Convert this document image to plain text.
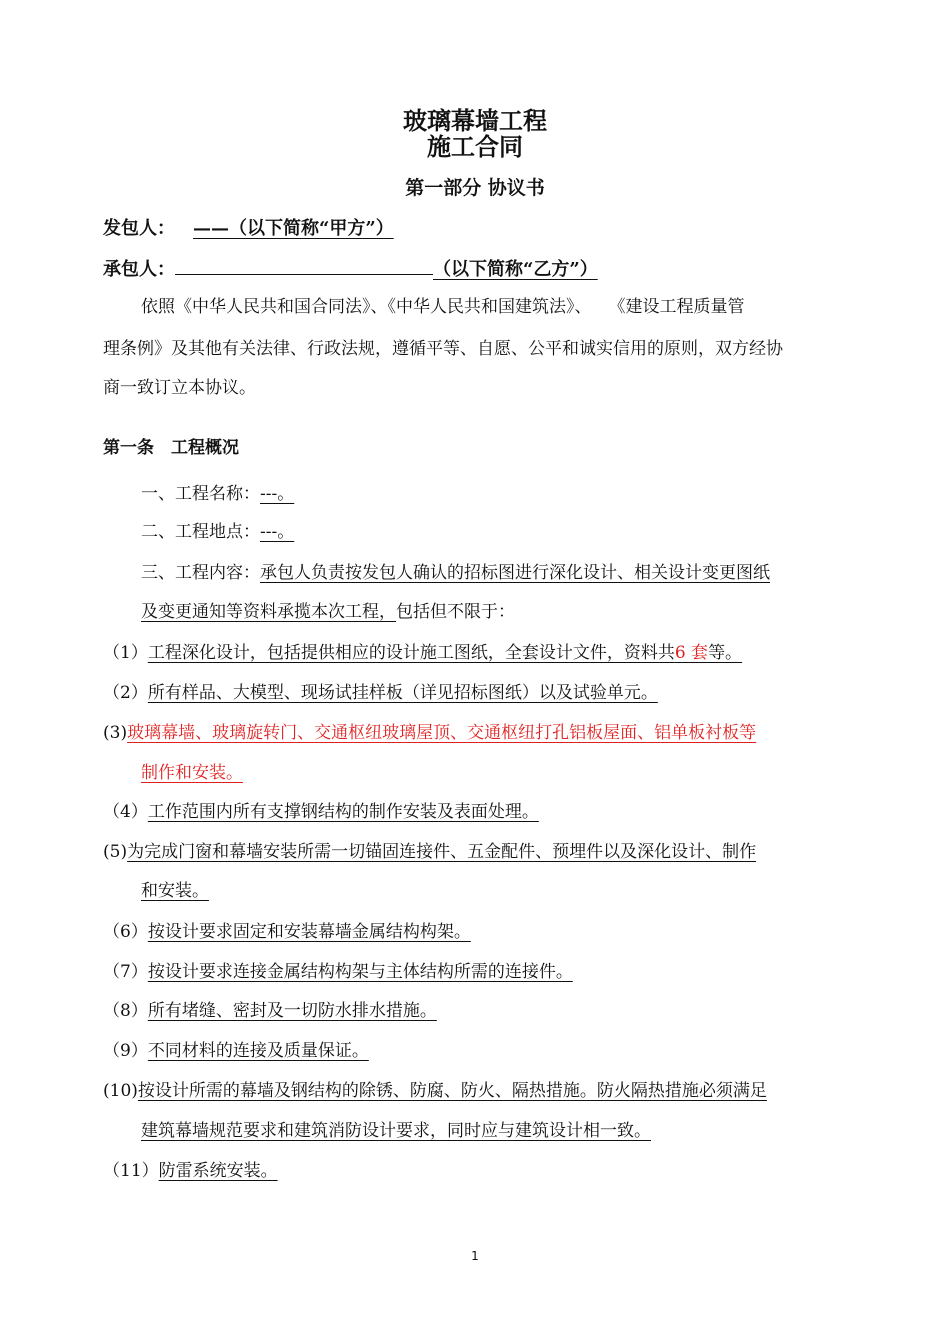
玻璃幕墙工程
施工合同
第一部分 协议书
发包人： ——（以下简称“甲方”）
承包人：	（以下简称“乙方”）
依照《中华人民共和国合同法》、《中华人民共和国建筑法》、　　《建设工程质量管
理条例》及其他有关法律、行政法规，遵循平等、自愿、公平和诚实信用的原则，双方经协
商一致订立本协议。
第一条　工程概况
一、工程名称：---。
二、工程地点：---。
三、工程内容：承包人负责按发包人确认的招标图进行深化设计、相关设计变更图纸
及变更通知等资料承揽本次工程，包括但不限于：
（1）工程深化设计，包括提供相应的设计施工图纸，全套设计文件，资料共6 套等。
（2）所有样品、大模型、现场试挂样板（详见招标图纸）以及试验单元。
(3)玻璃幕墙、玻璃旋转门、交通枢纽玻璃屋顶、交通枢纽打孔铝板屋面、铝单板衬板等
制作和安装。
（4）工作范围内所有支撑钢结构的制作安装及表面处理。
(5)为完成门窗和幕墙安装所需一切锚固连接件、五金配件、预埋件以及深化设计、制作
和安装。
（6）按设计要求固定和安装幕墙金属结构构架。
（7）按设计要求连接金属结构构架与主体结构所需的连接件。
（8）所有堵缝、密封及一切防水排水措施。
（9）不同材料的连接及质量保证。
(10)按设计所需的幕墙及钢结构的除锈、防腐、防火、隔热措施。防火隔热措施必须满足
建筑幕墙规范要求和建筑消防设计要求，同时应与建筑设计相一致。
（11）防雷系统安装。
1
